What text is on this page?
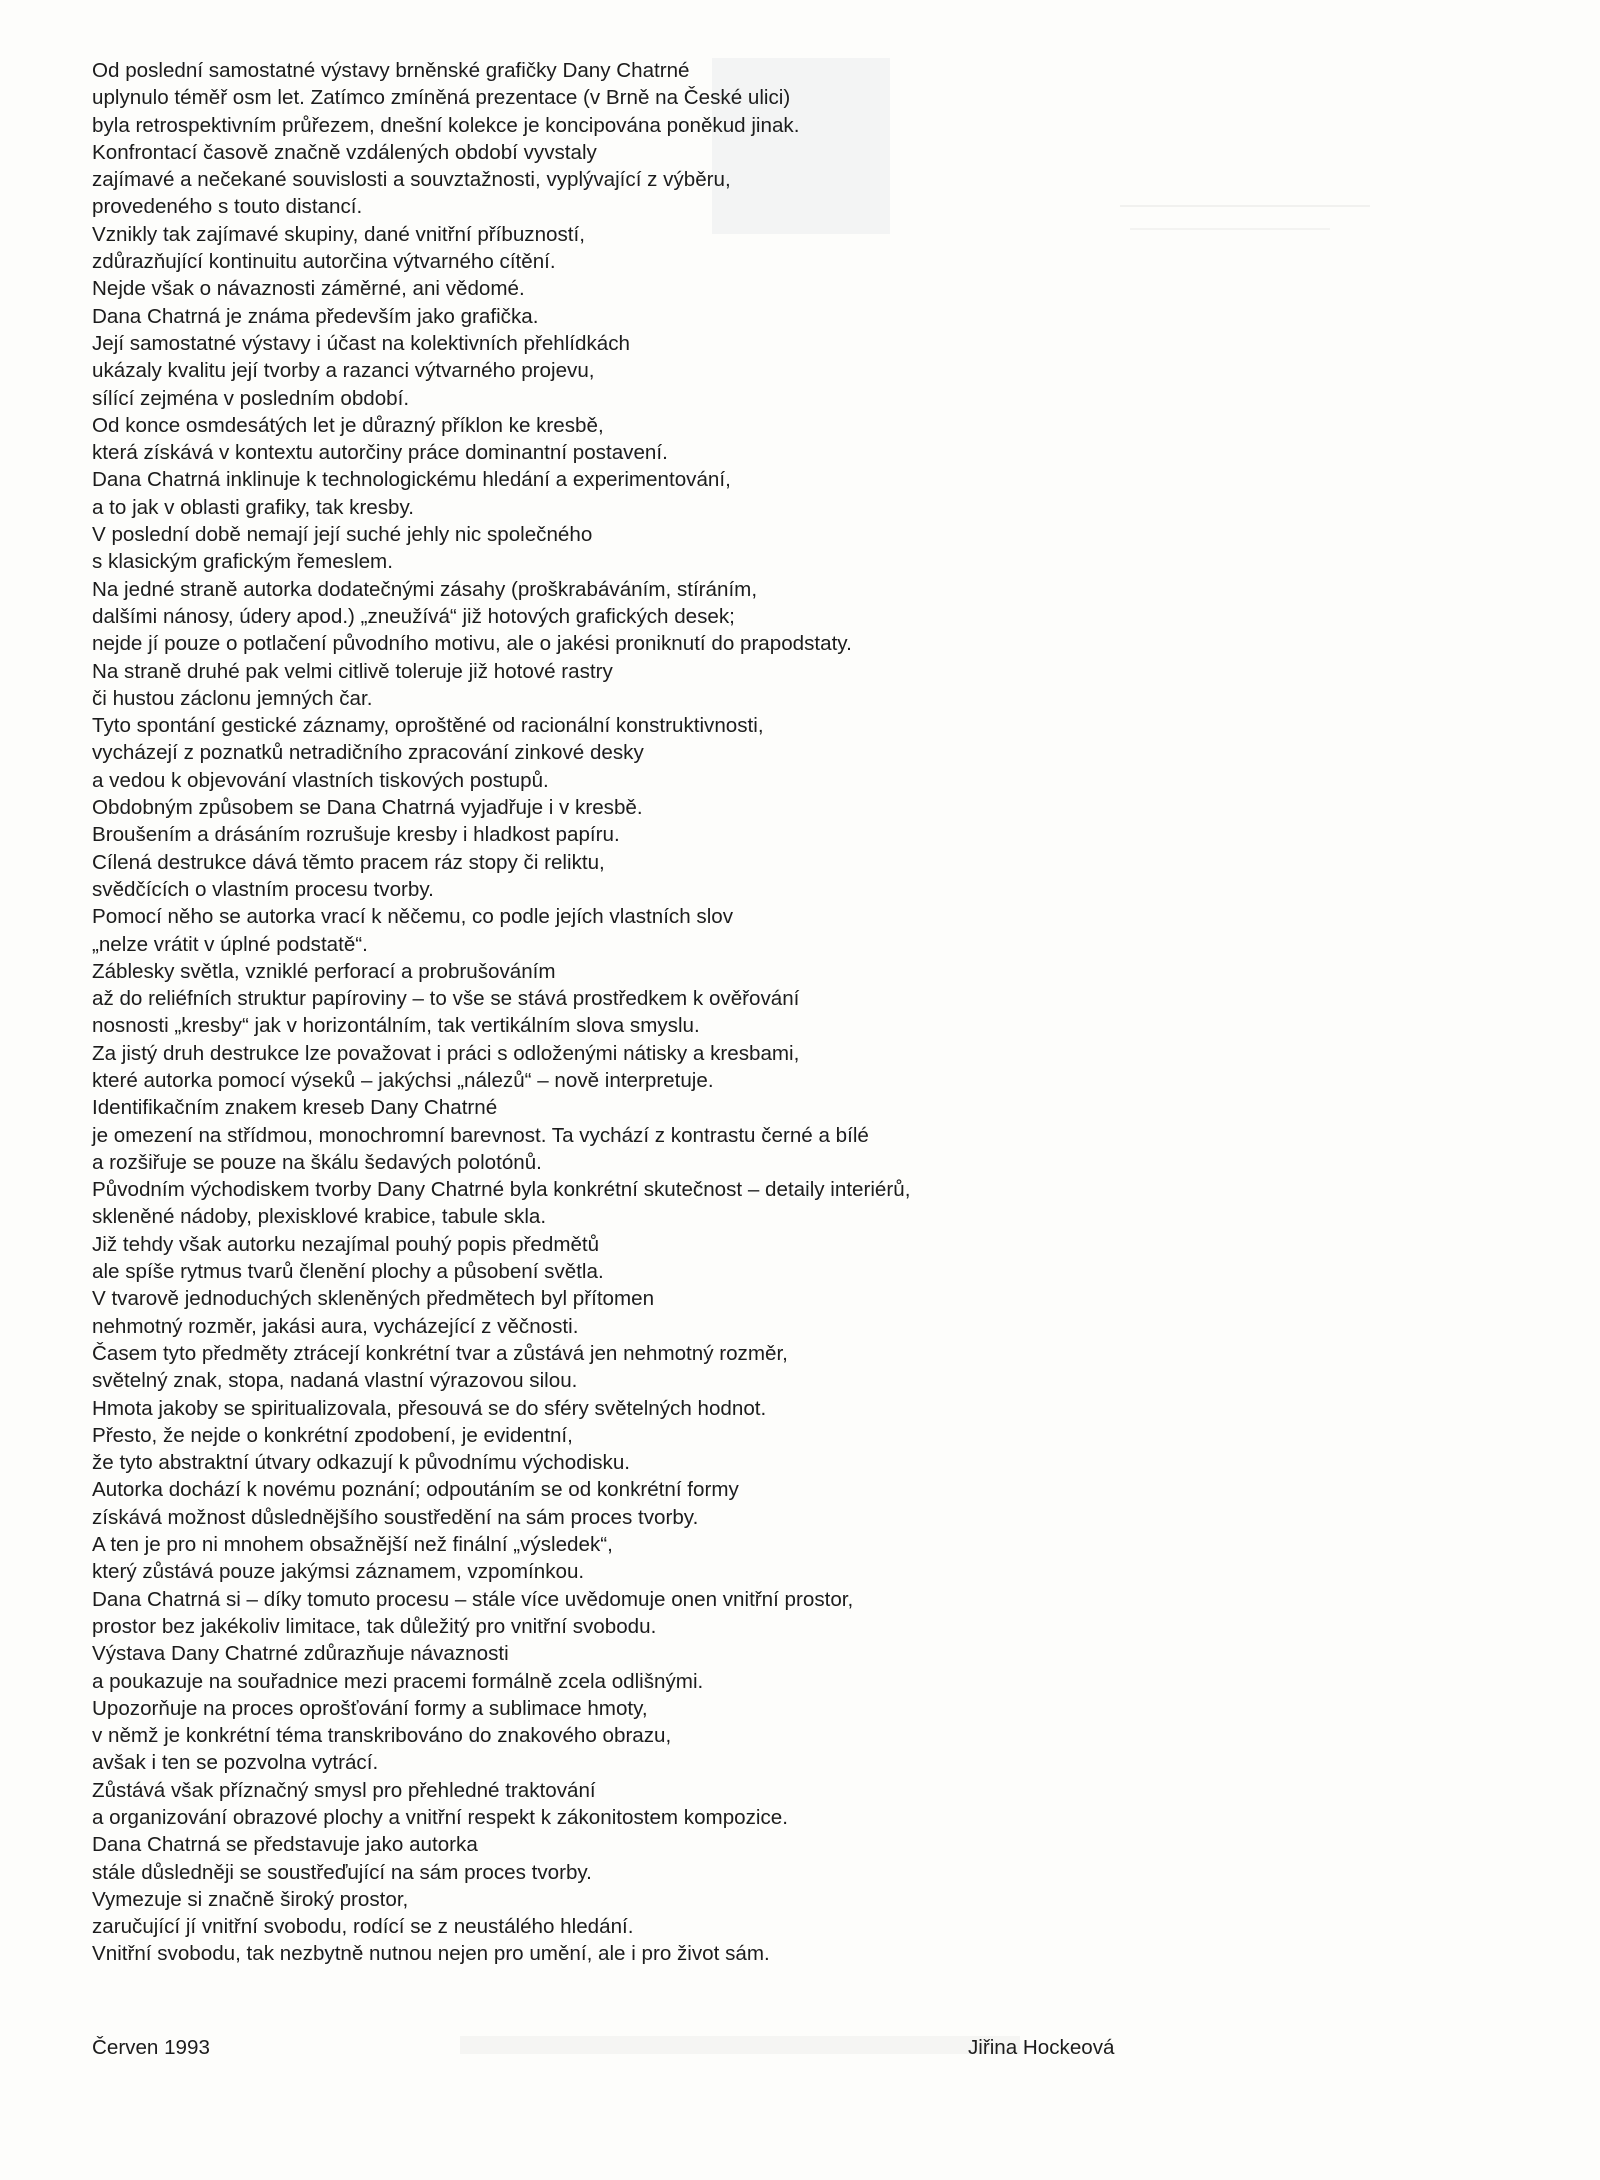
Od poslední samostatné výstavy brněnské grafičky Dany Chatrné
uplynulo téměř osm let. Zatímco zmíněná prezentace (v Brně na České ulici)
byla retrospektivním průřezem, dnešní kolekce je koncipována poněkud jinak.
Konfrontací časově značně vzdálených období vyvstaly
zajímavé a nečekané souvislosti a souvztažnosti, vyplývající z výběru,
provedeného s touto distancí.
Vznikly tak zajímavé skupiny, dané vnitřní příbuzností,
zdůrazňující kontinuitu autorčina výtvarného cítění.
Nejde však o návaznosti záměrné, ani vědomé.
Dana Chatrná je známa především jako grafička.
Její samostatné výstavy i účast na kolektivních přehlídkách
ukázaly kvalitu její tvorby a razanci výtvarného projevu,
sílící zejména v posledním období.
Od konce osmdesátých let je důrazný příklon ke kresbě,
která získává v kontextu autorčiny práce dominantní postavení.
Dana Chatrná inklinuje k technologickému hledání a experimentování,
a to jak v oblasti grafiky, tak kresby.
V poslední době nemají její suché jehly nic společného
s klasickým grafickým řemeslem.
Na jedné straně autorka dodatečnými zásahy (proškrabáváním, stíráním,
dalšími nánosy, údery apod.) „zneužívá“ již hotových grafických desek;
nejde jí pouze o potlačení původního motivu, ale o jakési proniknutí do prapodstaty.
Na straně druhé pak velmi citlivě toleruje již hotové rastry
či hustou záclonu jemných čar.
Tyto spontání gestické záznamy, oproštěné od racionální konstruktivnosti,
vycházejí z poznatků netradičního zpracování zinkové desky
a vedou k objevování vlastních tiskových postupů.
Obdobným způsobem se Dana Chatrná vyjadřuje i v kresbě.
Broušením a drásáním rozrušuje kresby i hladkost papíru.
Cílená destrukce dává těmto pracem ráz stopy či reliktu,
svědčících o vlastním procesu tvorby.
Pomocí něho se autorka vrací k něčemu, co podle jejích vlastních slov
„nelze vrátit v úplné podstatě“.
Záblesky světla, vzniklé perforací a probrušováním
až do reliéfních struktur papíroviny – to vše se stává prostředkem k ověřování
nosnosti „kresby“ jak v horizontálním, tak vertikálním slova smyslu.
Za jistý druh destrukce lze považovat i práci s odloženými nátisky a kresbami,
které autorka pomocí výseků – jakýchsi „nálezů“ – nově interpretuje.
Identifikačním znakem kreseb Dany Chatrné
je omezení na střídmou, monochromní barevnost. Ta vychází z kontrastu černé a bílé
a rozšiřuje se pouze na škálu šedavých polotónů.
Původním východiskem tvorby Dany Chatrné byla konkrétní skutečnost – detaily interiérů,
skleněné nádoby, plexisklové krabice, tabule skla.
Již tehdy však autorku nezajímal pouhý popis předmětů
ale spíše rytmus tvarů členění plochy a působení světla.
V tvarově jednoduchých skleněných předmětech byl přítomen
nehmotný rozměr, jakási aura, vycházející z věčnosti.
Časem tyto předměty ztrácejí konkrétní tvar a zůstává jen nehmotný rozměr,
světelný znak, stopa, nadaná vlastní výrazovou silou.
Hmota jakoby se spiritualizovala, přesouvá se do sféry světelných hodnot.
Přesto, že nejde o konkrétní zpodobení, je evidentní,
že tyto abstraktní útvary odkazují k původnímu východisku.
Autorka dochází k novému poznání; odpoutáním se od konkrétní formy
získává možnost důslednějšího soustředění na sám proces tvorby.
A ten je pro ni mnohem obsažnější než finální „výsledek“,
který zůstává pouze jakýmsi záznamem, vzpomínkou.
Dana Chatrná si – díky tomuto procesu – stále více uvědomuje onen vnitřní prostor,
prostor bez jakékoliv limitace, tak důležitý pro vnitřní svobodu.
Výstava Dany Chatrné zdůrazňuje návaznosti
a poukazuje na souřadnice mezi pracemi formálně zcela odlišnými.
Upozorňuje na proces oprošťování formy a sublimace hmoty,
v němž je konkrétní téma transkribováno do znakového obrazu,
avšak i ten se pozvolna vytrácí.
Zůstává však příznačný smysl pro přehledné traktování
a organizování obrazové plochy a vnitřní respekt k zákonitostem kompozice.
Dana Chatrná se představuje jako autorka
stále důsledněji se soustřeďující na sám proces tvorby.
Vymezuje si značně široký prostor,
zaručující jí vnitřní svobodu, rodící se z neustálého hledání.
Vnitřní svobodu, tak nezbytně nutnou nejen pro umění, ale i pro život sám.
Červen 1993	Jiřina Hockeová
